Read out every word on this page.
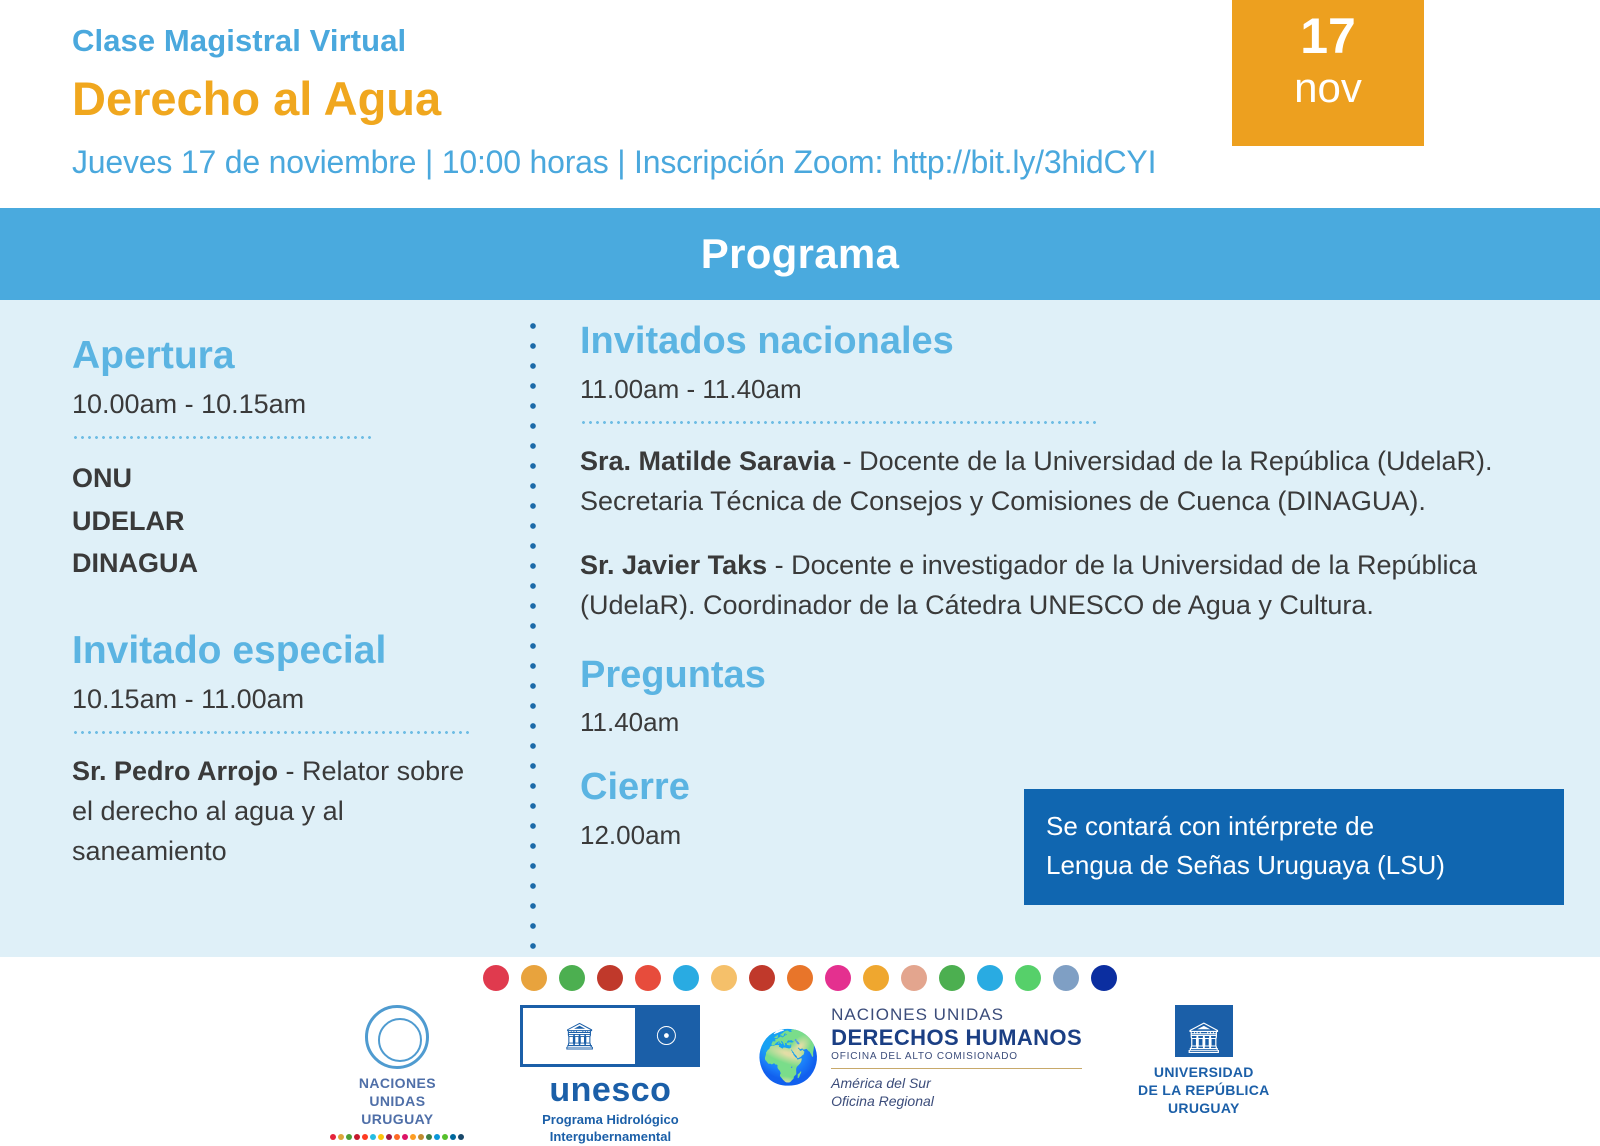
Clase Magistral Virtual
Derecho al Agua
Jueves 17 de noviembre | 10:00 horas | Inscripción Zoom: http://bit.ly/3hidCYI
17
nov
Programa
Apertura
10.00am - 10.15am
ONU
UDELAR
DINAGUA
Invitado especial
10.15am - 11.00am
Sr. Pedro Arrojo - Relator sobre el derecho al agua y al saneamiento
Invitados nacionales
11.00am - 11.40am
Sra. Matilde Saravia - Docente de la Universidad de la República (UdelaR). Secretaria Técnica de Consejos y Comisiones de Cuenca (DINAGUA).
Sr. Javier Taks - Docente e investigador de la Universidad de la República (UdelaR). Coordinador de la Cátedra UNESCO de Agua y Cultura.
Preguntas
11.40am
Cierre
12.00am	Se contará con intérprete de
Lengua de Señas Uruguaya (LSU)
NACIONES
UNIDAS
URUGUAY
🏛	☉
unesco
Programa Hidrológico
Intergubernamental
🌍
NACIONES UNIDAS
DERECHOS HUMANOS
OFICINA DEL ALTO COMISIONADO
América del Sur
Oficina Regional
🏛
UNIVERSIDAD
DE LA REPÚBLICA
URUGUAY
